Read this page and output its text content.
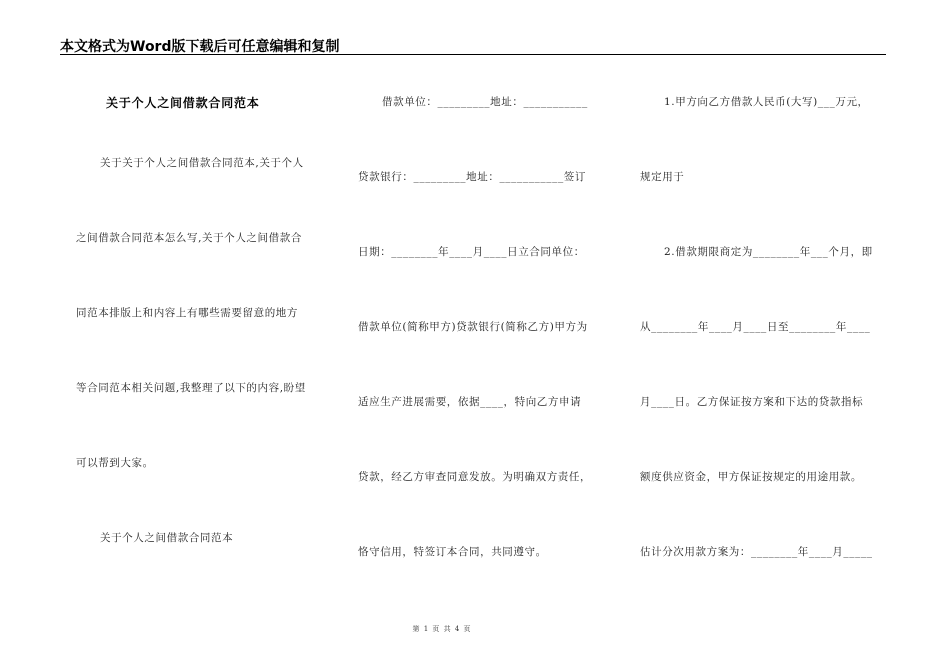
本文格式为Word版下载后可任意编辑和复制
关于个人之间借款合同范本
关于关于个人之间借款合同范本,关于个人
之间借款合同范本怎么写,关于个人之间借款合
同范本排版上和内容上有哪些需要留意的地方
等合同范本相关问题,我整理了以下的内容,盼望
可以帮到大家。
关于个人之间借款合同范本
借款单位：_________地址：___________
贷款银行：_________地址：___________签订
日期：________年____月____日立合同单位：
借款单位(简称甲方)贷款银行(简称乙方)甲方为
适应生产进展需要，依据____，特向乙方申请
贷款，经乙方审查同意发放。为明确双方责任，
恪守信用，特签订本合同，共同遵守。
1.甲方向乙方借款人民币(大写)___万元，
规定用于
2.借款期限商定为________年___个月，即
从________年____月____日至________年____
月____日。乙方保证按方案和下达的贷款指标
额度供应资金，甲方保证按规定的用途用款。
估计分次用款方案为：________年____月_____
第 1 页 共 4 页
